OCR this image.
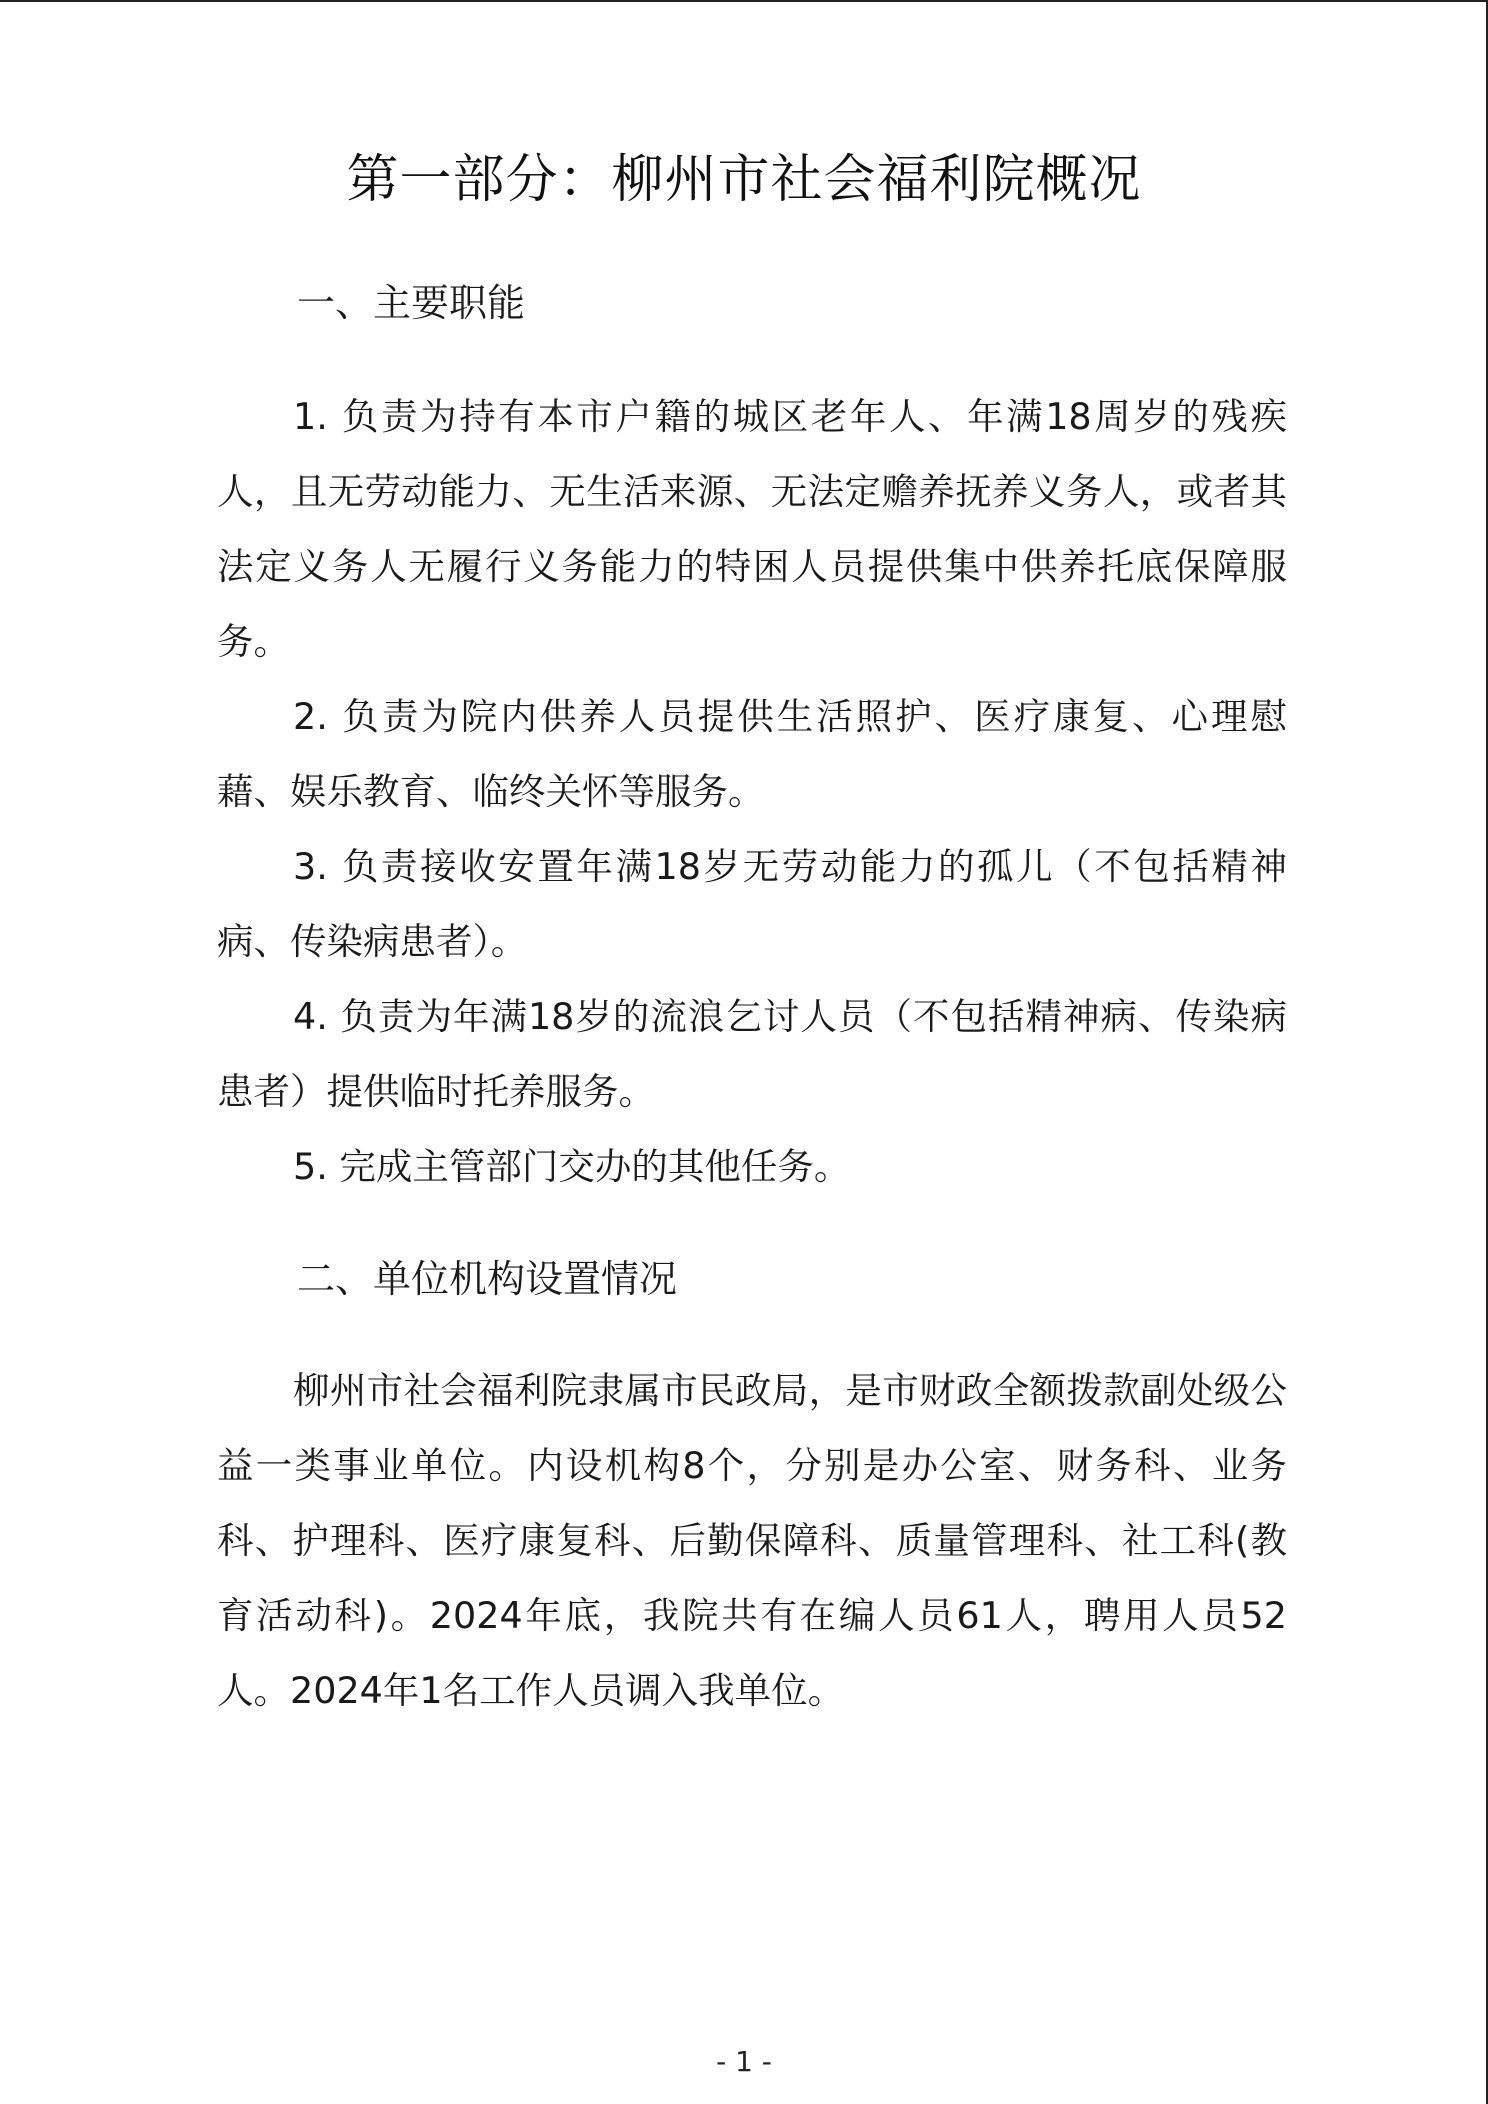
第一部分：柳州市社会福利院概况

一、主要职能

1. 负责为持有本市户籍的城区老年人、年满18周岁的残疾人，且无劳动能力、无生活来源、无法定赡养抚养义务人，或者其法定义务人无履行义务能力的特困人员提供集中供养托底保障服务。

2. 负责为院内供养人员提供生活照护、医疗康复、心理慰藉、娱乐教育、临终关怀等服务。

3. 负责接收安置年满18岁无劳动能力的孤儿（不包括精神病、传染病患者）。

4. 负责为年满18岁的流浪乞讨人员（不包括精神病、传染病患者）提供临时托养服务。

5. 完成主管部门交办的其他任务。

二、单位机构设置情况

柳州市社会福利院隶属市民政局，是市财政全额拨款副处级公益一类事业单位。内设机构8个，分别是办公室、财务科、业务科、护理科、医疗康复科、后勤保障科、质量管理科、社工科(教育活动科)。2024年底，我院共有在编人员61人，聘用人员52人。2024年1名工作人员调入我单位。

- 1 -
